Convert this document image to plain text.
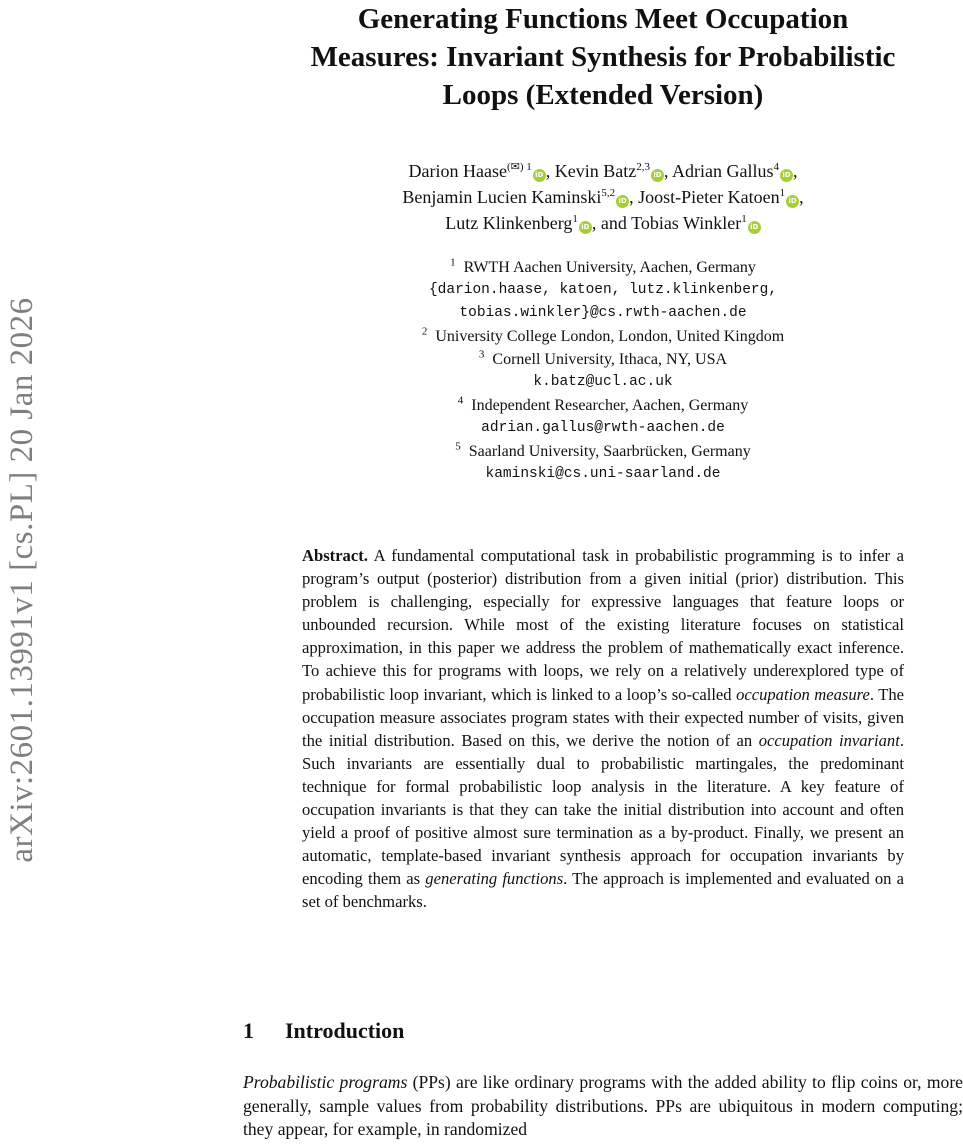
arXiv:2601.13991v1 [cs.PL] 20 Jan 2026
Generating Functions Meet Occupation
Measures: Invariant Synthesis for Probabilistic
Loops (Extended Version)
Darion Haase$^{(✉) 1}$iD , Kevin Batz$^{2,3}$iD , Adrian Gallus$^4$iD ,
Benjamin Lucien Kaminski$^{5,2}$iD , Joost-Pieter Katoen$^1$iD ,
Lutz Klinkenberg$^1$iD , and Tobias Winkler$^1$iD
$^1$ RWTH Aachen University, Aachen, Germany
{darion.haase, katoen, lutz.klinkenberg,
tobias.winkler}@cs.rwth-aachen.de
$^2$ University College London, London, United Kingdom
$^3$ Cornell University, Ithaca, NY, USA
k.batz@ucl.ac.uk
$^4$ Independent Researcher, Aachen, Germany
adrian.gallus@rwth-aachen.de
$^5$ Saarland University, Saarbrücken, Germany
kaminski@cs.uni-saarland.de

Abstract. A fundamental computational task in probabilistic programming is to infer a program’s output (posterior) distribution from a given initial (prior) distribution. This problem is challenging, especially for expressive languages that feature loops or unbounded recursion. While most of the existing literature focuses on statistical approximation, in this paper we address the problem of mathematically exact inference. To achieve this for programs with loops, we rely on a relatively underexplored type of probabilistic loop invariant, which is linked to a loop’s so-called occupation measure. The occupation measure associates program states with their expected number of visits, given the initial distribution. Based on this, we derive the notion of an occupation invariant. Such invariants are essentially dual to probabilistic martingales, the predominant technique for formal probabilistic loop analysis in the literature. A key feature of occupation invariants is that they can take the initial distribution into account and often yield a proof of positive almost sure termination as a by-product. Finally, we present an automatic, template-based invariant synthesis approach for occupation invariants by encoding them as generating functions. The approach is implemented and evaluated on a set of benchmarks.

1 Introduction

Probabilistic programs (PPs) are like ordinary programs with the added ability to flip coins or, more generally, sample values from probability distributions. PPs are ubiquitous in modern computing; they appear, for example, in randomized
